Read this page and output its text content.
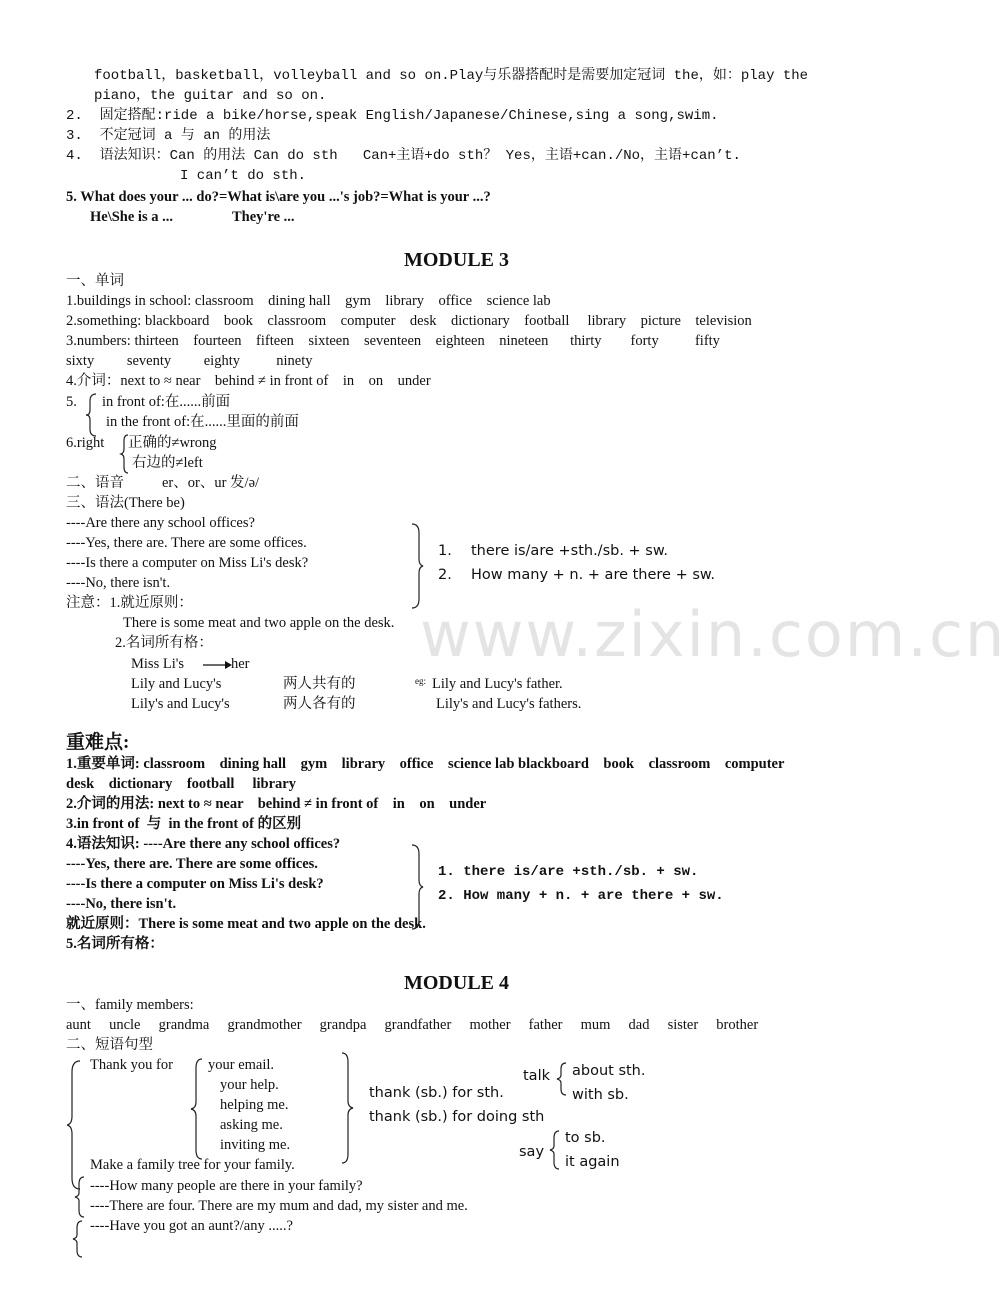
www.zixin.com.cn
football，basketball，volleyball and so on.Play与乐器搭配时是需要加定冠词 the，如：play the
piano，the guitar and so on.
2.  固定搭配:ride a bike/horse,speak English/Japanese/Chinese,sing a song,swim.
3.  不定冠词 a 与 an 的用法
4.  语法知识：Can 的用法 Can do sth   Can+主语+do sth？ Yes，主语+can./No，主语+can’t.
I can’t do sth.
5. What does your ... do?=What is\are you ...'s job?=What is your ...?
He\She is a ...	They're ...
MODULE 3
一、单词
1.buildings in school: classroom    dining hall    gym    library    office    science lab
2.something: blackboard    book    classroom    computer    desk    dictionary    football     library    picture    television
3.numbers: thirteen    fourteen    fifteen    sixteen    seventeen    eighteen    nineteen      thirty        forty          fifty
sixty         seventy         eighty          ninety
4.介词：next to ≈ near    behind ≠ in front of    in    on    under
5. in front of:在......前面
in the front of:在......里面的前面
6.right 正确的≠wrong
右边的≠left
二、语音	er、or、ur 发/ə/
三、语法(There be)
----Are there any school offices?
----Yes, there are. There are some offices.
----Is there a computer on Miss Li's desk?
----No, there isn't.
1. there is/are +sth./sb. + sw.
2. How many + n. + are there + sw.
注意：1.就近原则：
There is some meat and two apple on the desk.
2.名词所有格：
Miss Li's	her
Lily and Lucy's	两人共有的	eg: Lily and Lucy's father.
Lily's and Lucy's	两人各有的	Lily's and Lucy's fathers.
重难点:
1.重要单词: classroom    dining hall    gym    library    office    science lab blackboard    book    classroom    computer
desk    dictionary    football     library
2.介词的用法: next to ≈ near    behind ≠ in front of    in    on    under
3.in front of  与  in the front of 的区别
4.语法知识: ----Are there any school offices?
----Yes, there are. There are some offices.
----Is there a computer on Miss Li's desk?
----No, there isn't.
就近原则：There is some meat and two apple on the desk.
5.名词所有格：
1. there is/are +sth./sb. + sw.
2. How many + n. + are there + sw.
MODULE 4
一、family members:
aunt     uncle     grandma     grandmother     grandpa     grandfather     mother     father     mum     dad     sister     brother
二、短语句型
Thank you for your email.
your help.
helping me.
asking me.
inviting me.
thank (sb.) for sth.
thank (sb.) for doing sth
talk about sth.
with sb.
say
to sb.
it again
Make a family tree for your family.
----How many people are there in your family?
----There are four. There are my mum and dad, my sister and me.
----Have you got an aunt?/any .....?
